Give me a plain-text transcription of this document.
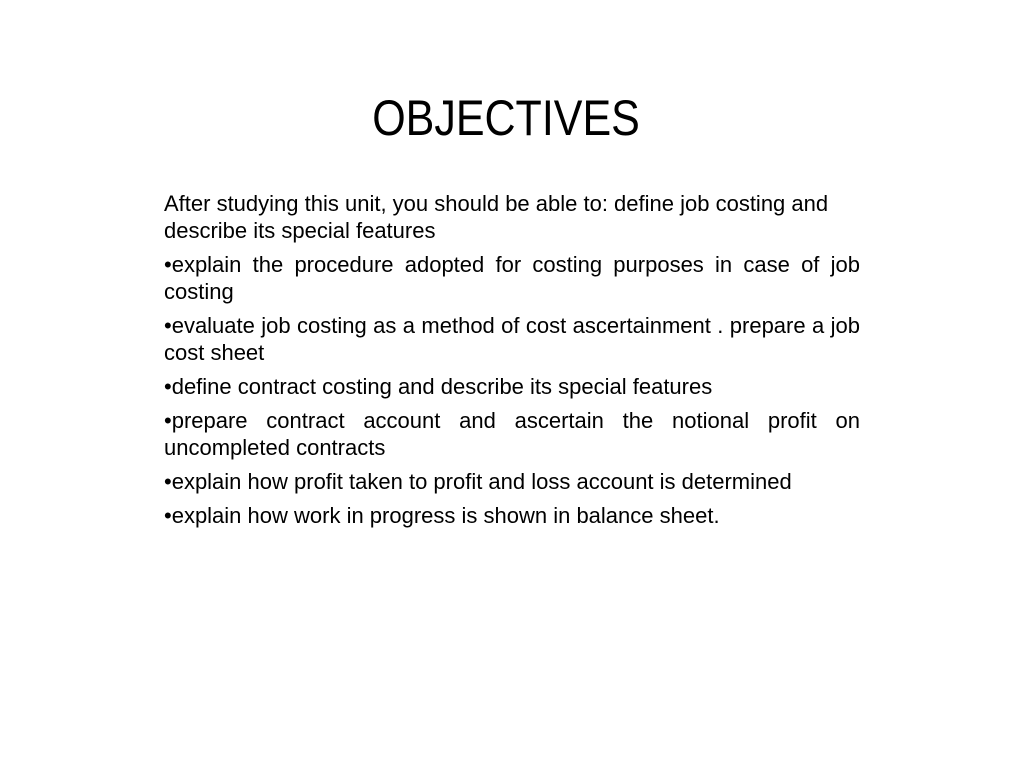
OBJECTIVES

After studying this unit, you should be able to: define job costing and describe its special features

•explain the procedure adopted for costing purposes in case of job costing

•evaluate job costing as a method of cost ascertainment . prepare a job cost sheet

•define contract costing and describe its special features

•prepare contract account and ascertain the notional profit on uncompleted contracts

•explain how profit taken to profit and loss account is determined

•explain how work in progress is shown in balance sheet.
